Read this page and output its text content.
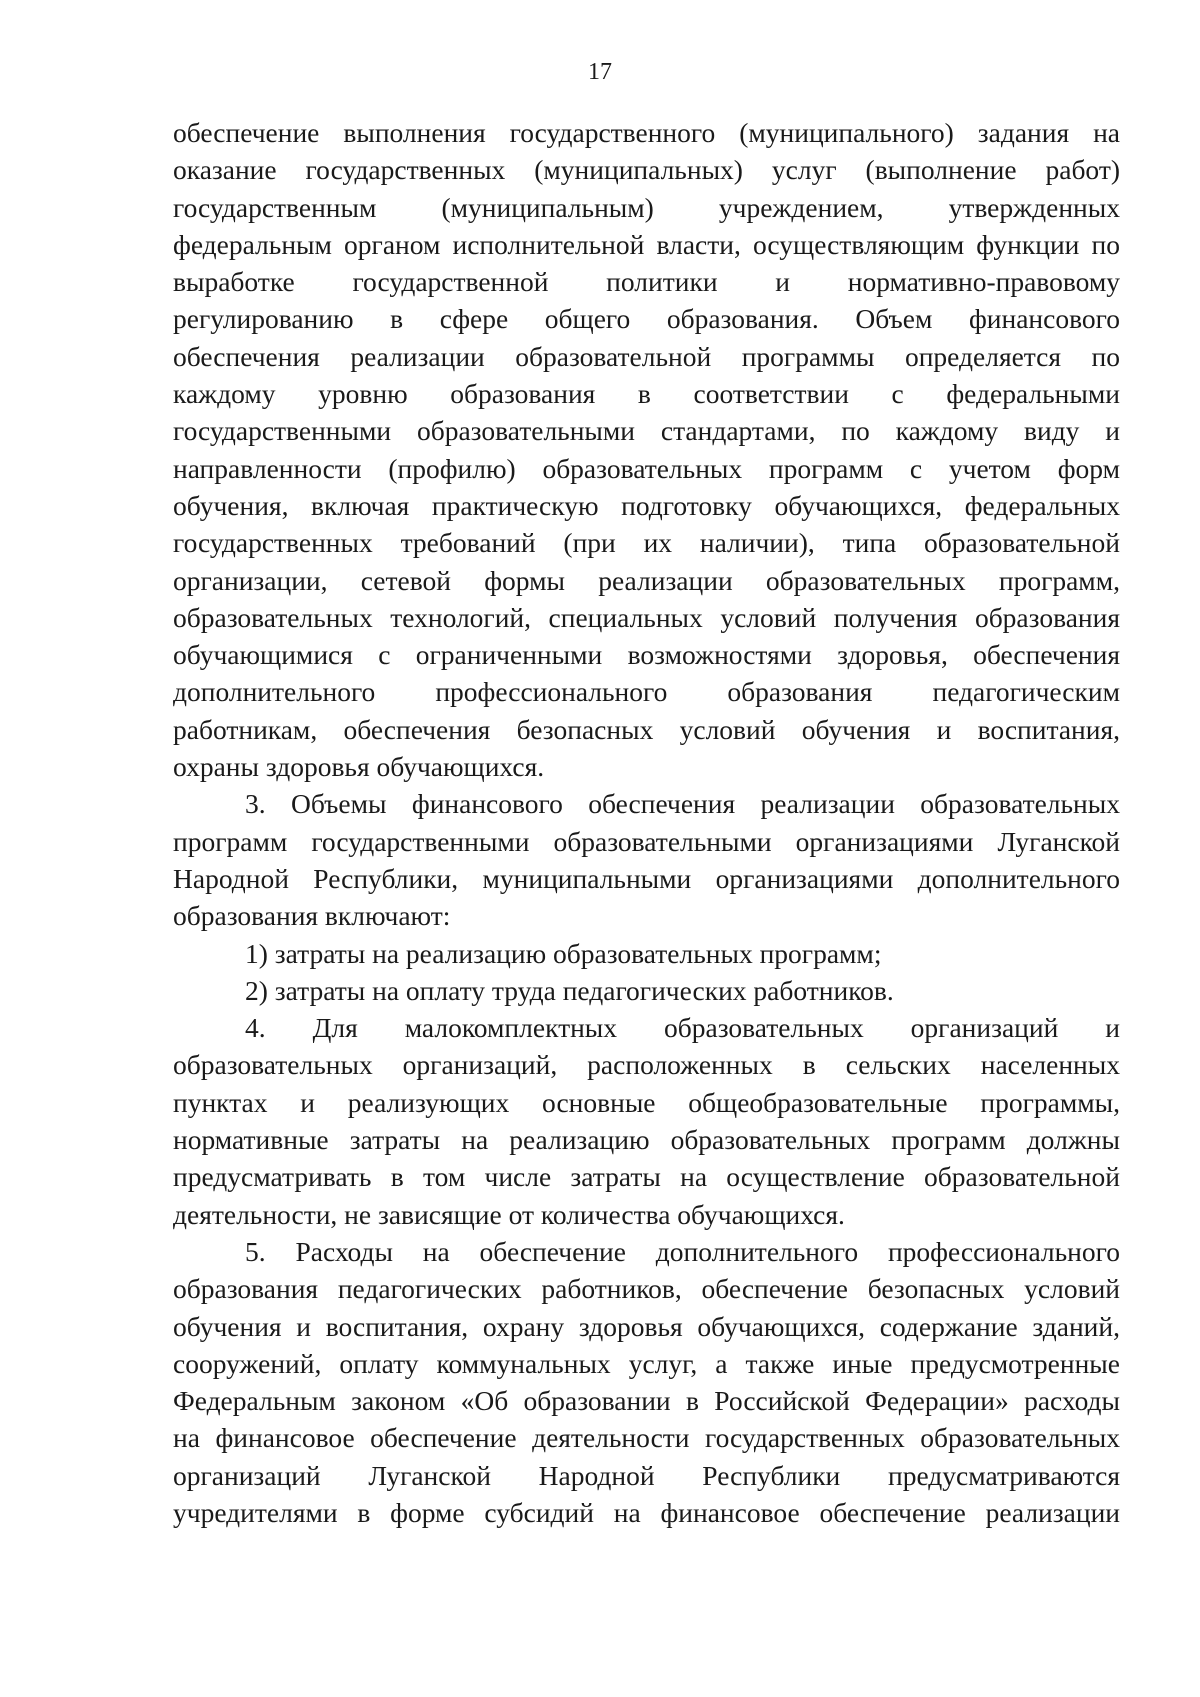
17
обеспечение выполнения государственного (муниципального) задания на
оказание государственных (муниципальных) услуг (выполнение работ)
государственным (муниципальным) учреждением, утвержденных
федеральным органом исполнительной власти, осуществляющим функции по
выработке государственной политики и нормативно-правовому
регулированию в сфере общего образования. Объем финансового
обеспечения реализации образовательной программы определяется по
каждому уровню образования в соответствии с федеральными
государственными образовательными стандартами, по каждому виду и
направленности (профилю) образовательных программ с учетом форм
обучения, включая практическую подготовку обучающихся, федеральных
государственных требований (при их наличии), типа образовательной
организации, сетевой формы реализации образовательных программ,
образовательных технологий, специальных условий получения образования
обучающимися с ограниченными возможностями здоровья, обеспечения
дополнительного профессионального образования педагогическим
работникам, обеспечения безопасных условий обучения и воспитания,
охраны здоровья обучающихся.
3. Объемы финансового обеспечения реализации образовательных
программ государственными образовательными организациями Луганской
Народной Республики, муниципальными организациями дополнительного
образования включают:
1) затраты на реализацию образовательных программ;
2) затраты на оплату труда педагогических работников.
4. Для малокомплектных образовательных организаций и
образовательных организаций, расположенных в сельских населенных
пунктах и реализующих основные общеобразовательные программы,
нормативные затраты на реализацию образовательных программ должны
предусматривать в том числе затраты на осуществление образовательной
деятельности, не зависящие от количества обучающихся.
5. Расходы на обеспечение дополнительного профессионального
образования педагогических работников, обеспечение безопасных условий
обучения и воспитания, охрану здоровья обучающихся, содержание зданий,
сооружений, оплату коммунальных услуг, а также иные предусмотренные
Федеральным законом «Об образовании в Российской Федерации» расходы
на финансовое обеспечение деятельности государственных образовательных
организаций Луганской Народной Республики предусматриваются
учредителями в форме субсидий на финансовое обеспечение реализации
